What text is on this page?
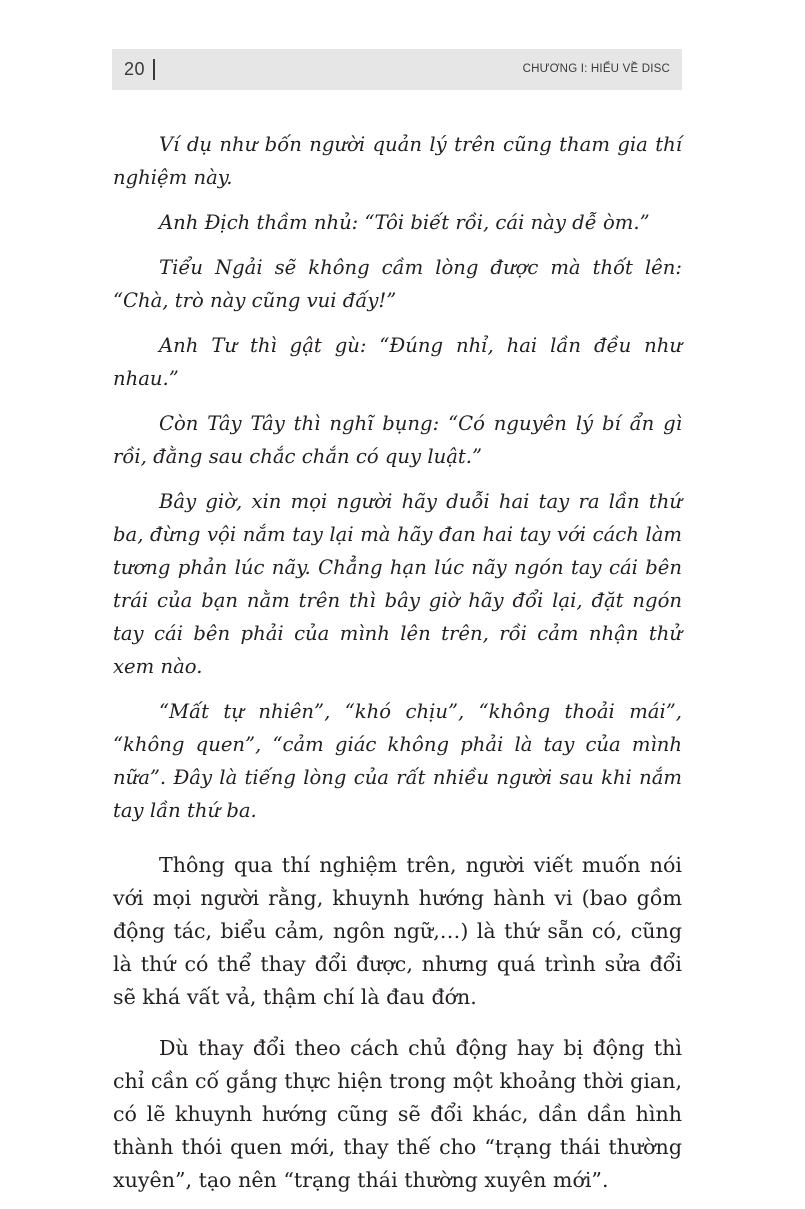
20	CHƯƠNG I: HIỂU VỀ DISC

Ví dụ như bốn người quản lý trên cũng tham gia thí nghiệm này.

Anh Địch thầm nhủ: “Tôi biết rồi, cái này dễ òm.”

Tiểu Ngải sẽ không cầm lòng được mà thốt lên: “Chà, trò này cũng vui đấy!”

Anh Tư thì gật gù: “Đúng nhỉ, hai lần đều như nhau.”

Còn Tây Tây thì nghĩ bụng: “Có nguyên lý bí ẩn gì rồi, đằng sau chắc chắn có quy luật.”

Bây giờ, xin mọi người hãy duỗi hai tay ra lần thứ ba, đừng vội nắm tay lại mà hãy đan hai tay với cách làm tương phản lúc nãy. Chẳng hạn lúc nãy ngón tay cái bên trái của bạn nằm trên thì bây giờ hãy đổi lại, đặt ngón tay cái bên phải của mình lên trên, rồi cảm nhận thử xem nào.

“Mất tự nhiên”, “khó chịu”, “không thoải mái”, “không quen”, “cảm giác không phải là tay của mình nữa”. Đây là tiếng lòng của rất nhiều người sau khi nắm tay lần thứ ba.

Thông qua thí nghiệm trên, người viết muốn nói với mọi người rằng, khuynh hướng hành vi (bao gồm động tác, biểu cảm, ngôn ngữ,…) là thứ sẵn có, cũng là thứ có thể thay đổi được, nhưng quá trình sửa đổi sẽ khá vất vả, thậm chí là đau đớn.

Dù thay đổi theo cách chủ động hay bị động thì chỉ cần cố gắng thực hiện trong một khoảng thời gian, có lẽ khuynh hướng cũng sẽ đổi khác, dần dần hình thành thói quen mới, thay thế cho “trạng thái thường xuyên”, tạo nên “trạng thái thường xuyên mới”.
